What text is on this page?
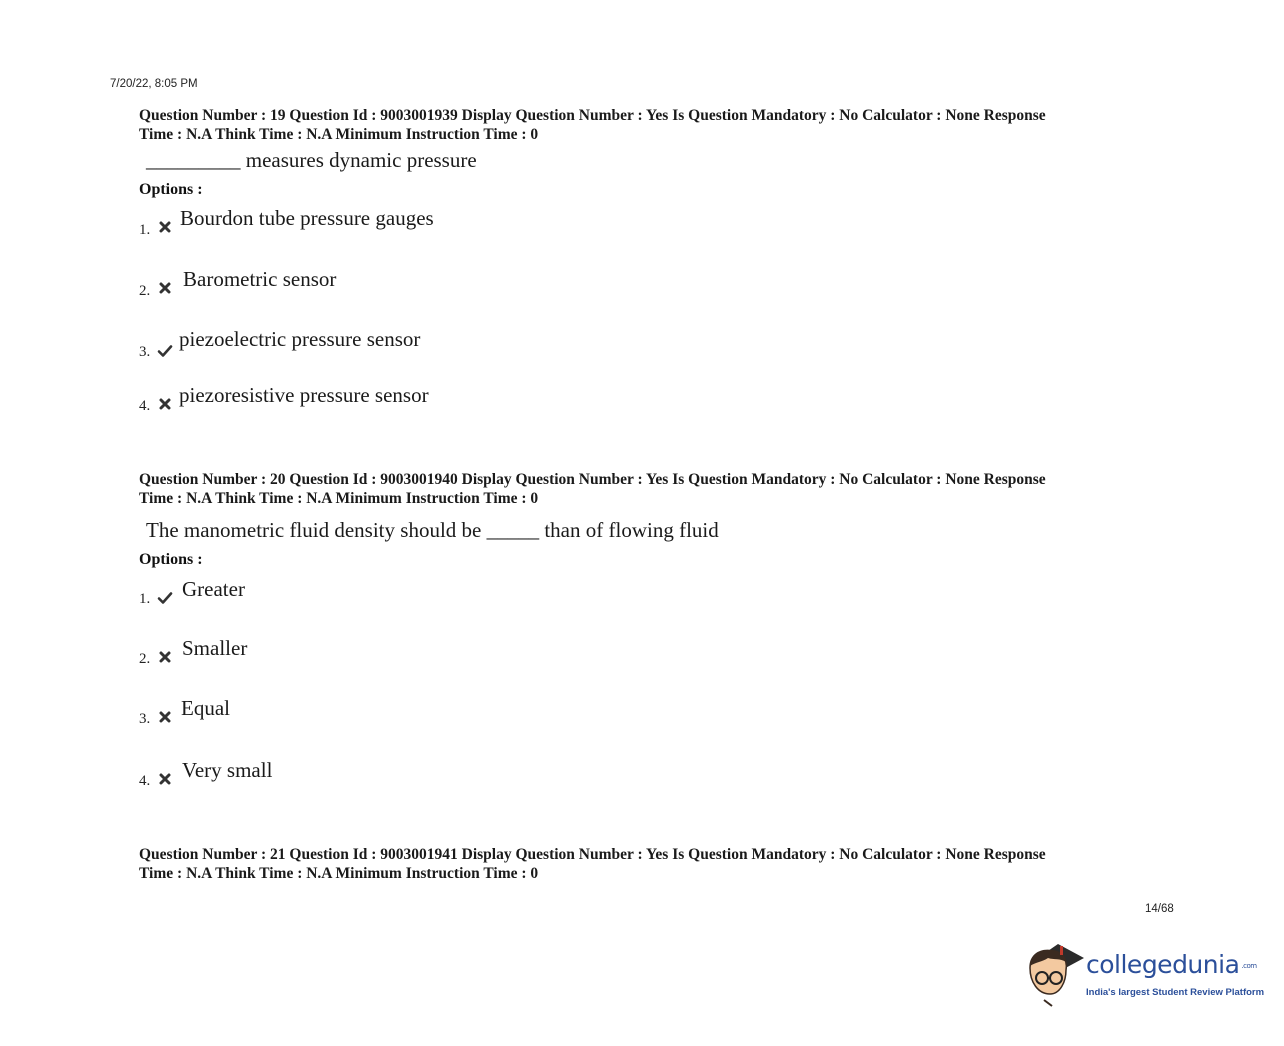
7/20/22, 8:05 PM
Question Number : 19 Question Id : 9003001939 Display Question Number : Yes Is Question Mandatory : No Calculator : None Response
Time : N.A Think Time : N.A Minimum Instruction Time : 0
_________ measures dynamic pressure
Options :
1. Bourdon tube pressure gauges
2. Barometric sensor
3.
piezoelectric pressure sensor
4. piezoresistive pressure sensor
Question Number : 20 Question Id : 9003001940 Display Question Number : Yes Is Question Mandatory : No Calculator : None Response
Time : N.A Think Time : N.A Minimum Instruction Time : 0
The manometric fluid density should be _____ than of flowing fluid
Options :
1. Greater
2. Smaller
3. Equal
4. Very small
Question Number : 21 Question Id : 9003001941 Display Question Number : Yes Is Question Mandatory : No Calculator : None Response
Time : N.A Think Time : N.A Minimum Instruction Time : 0
14/68
collegedunia .com
India's largest Student Review Platform
